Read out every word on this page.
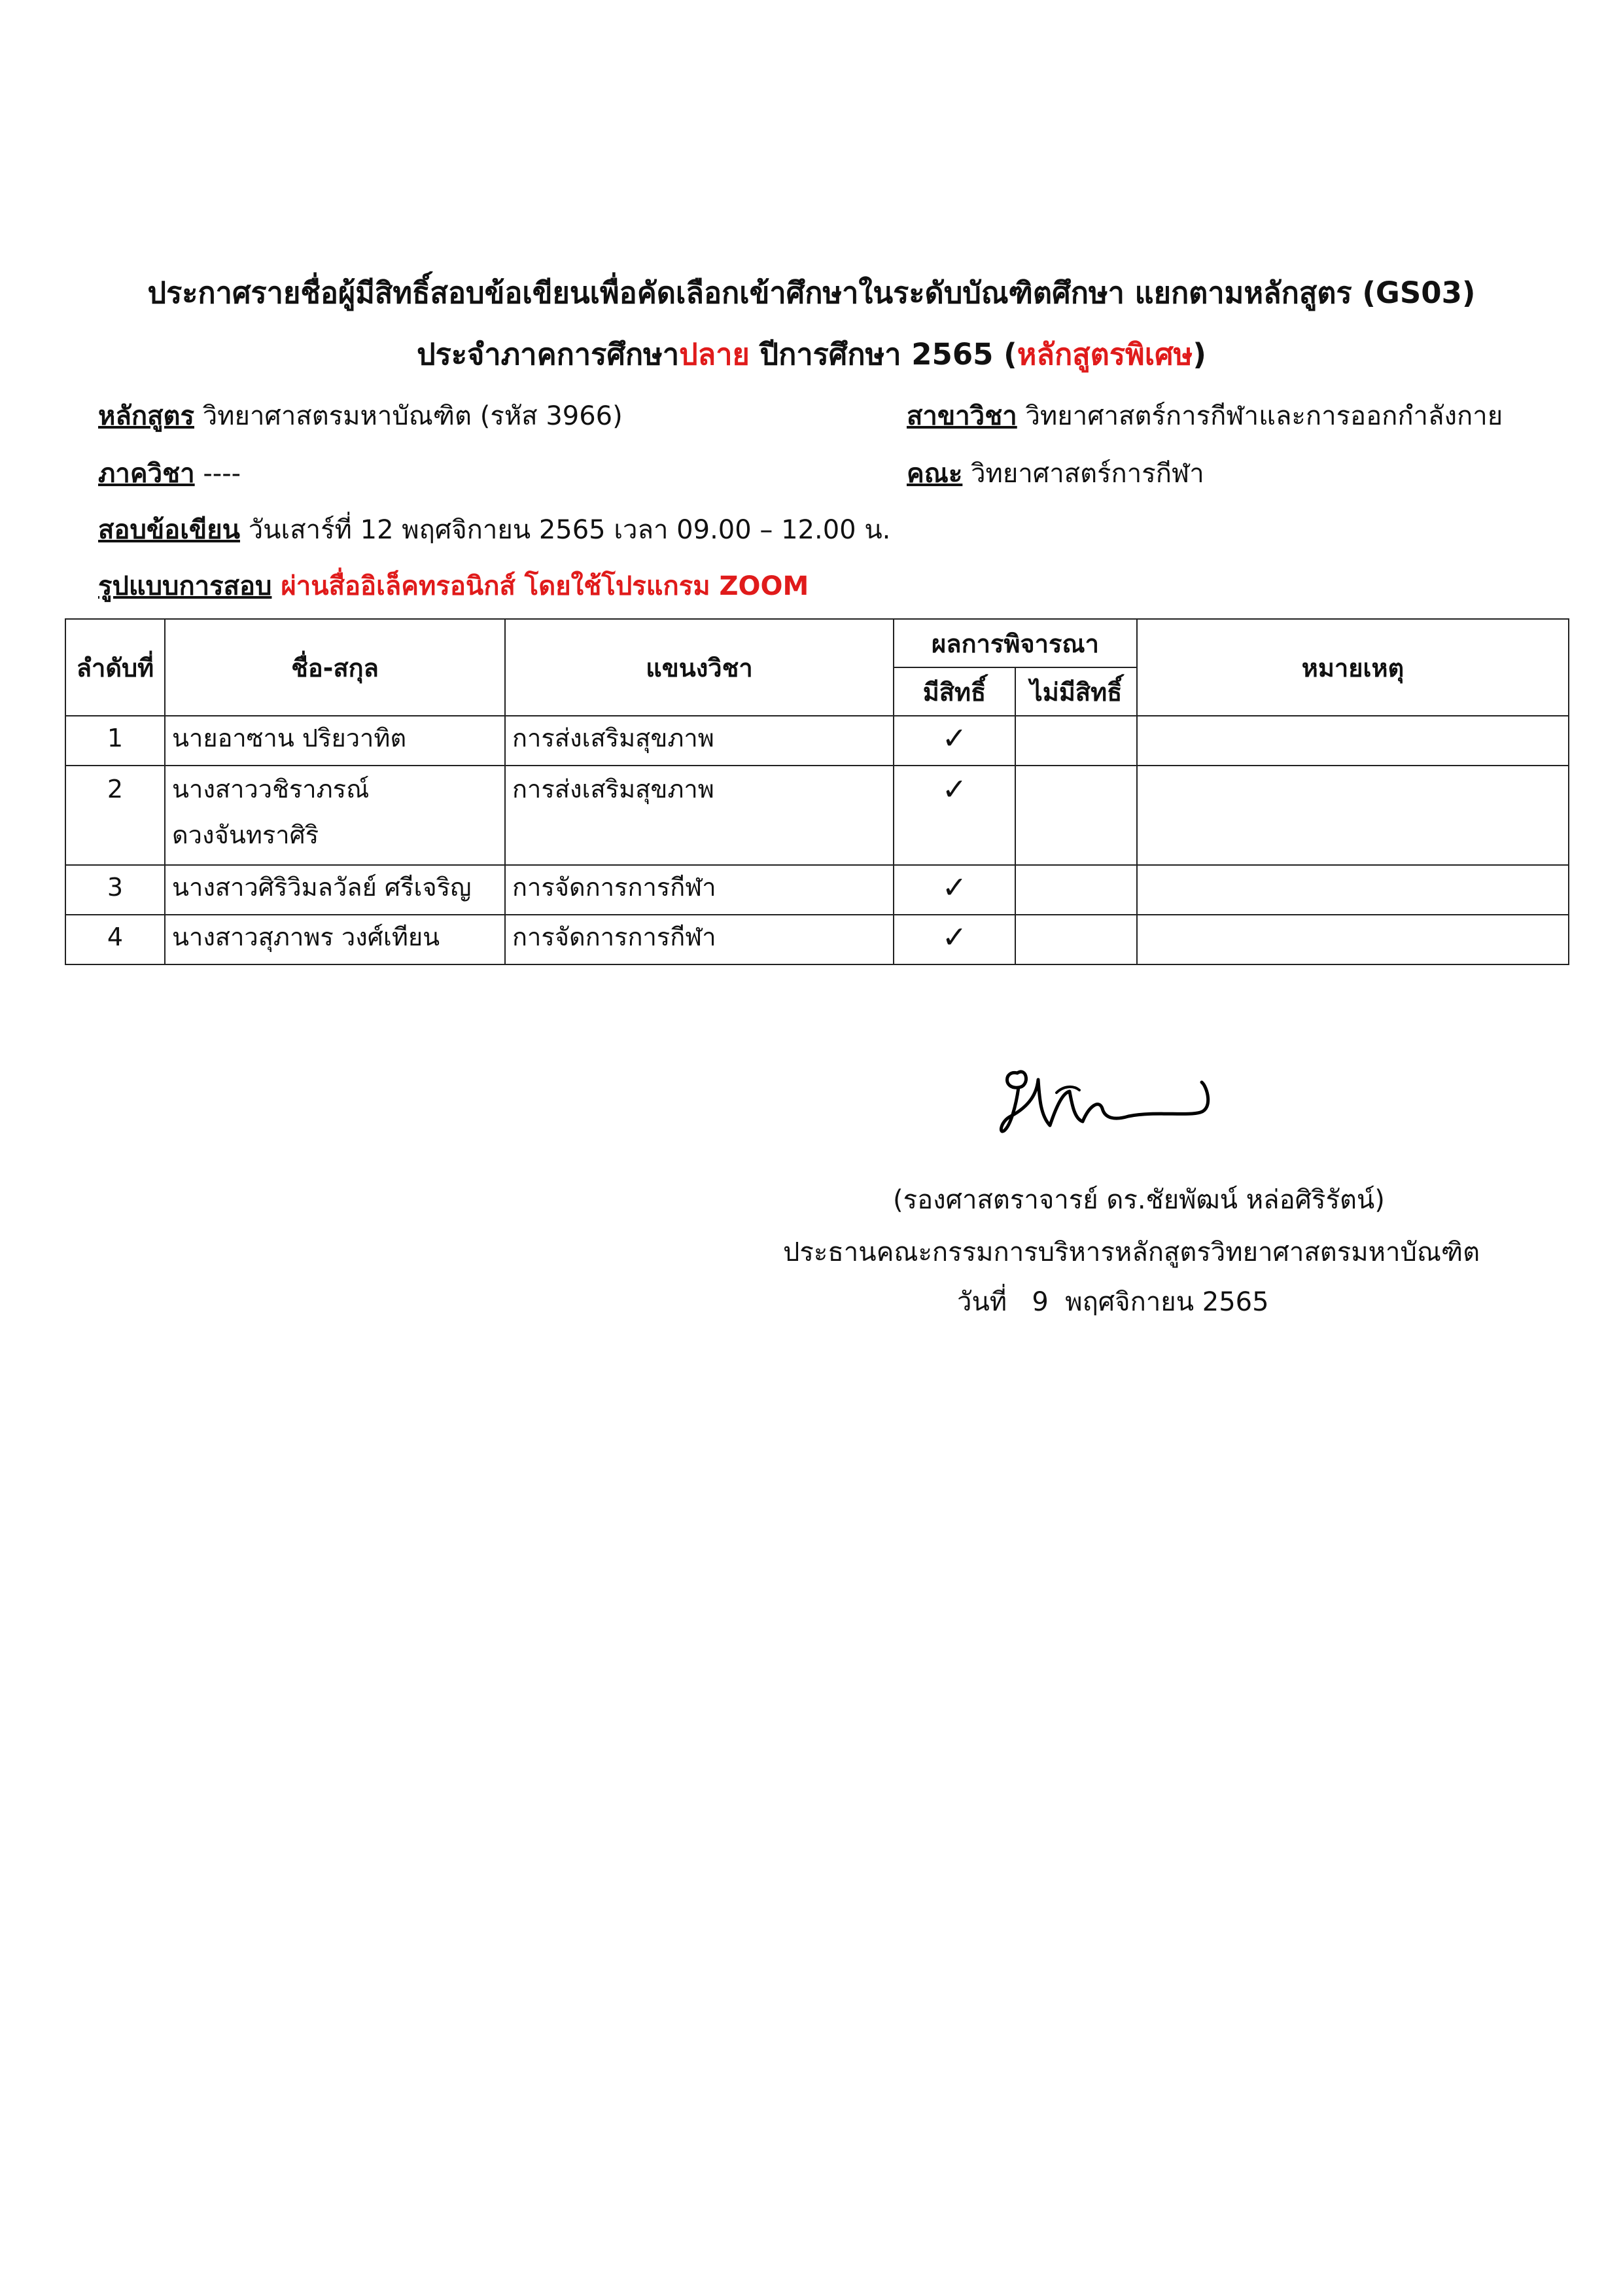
ประกาศรายชื่อผู้มีสิทธิ์สอบข้อเขียนเพื่อคัดเลือกเข้าศึกษาในระดับบัณฑิตศึกษา แยกตามหลักสูตร (GS03)
ประจำภาคการศึกษาปลาย ปีการศึกษา 2565 (หลักสูตรพิเศษ)
หลักสูตร วิทยาศาสตรมหาบัณฑิต (รหัส 3966)	สาขาวิชา วิทยาศาสตร์การกีฬาและการออกกำลังกาย
ภาควิชา ----	คณะ วิทยาศาสตร์การกีฬา
สอบข้อเขียน วันเสาร์ที่ 12 พฤศจิกายน 2565 เวลา 09.00 – 12.00 น.
รูปแบบการสอบ ผ่านสื่ออิเล็คทรอนิกส์ โดยใช้โปรแกรม ZOOM
ลำดับที่	ชื่อ-สกุล	แขนงวิชา	ผลการพิจารณา		หมายเหตุ
			มีสิทธิ์	ไม่มีสิทธิ์	
1	นายอาซาน ปริยวาทิต	การส่งเสริมสุขภาพ	✓		
2	นางสาววชิราภรณ์
ดวงจันทราศิริ	การส่งเสริมสุขภาพ	✓		
3	นางสาวศิริวิมลวัลย์ ศรีเจริญ	การจัดการการกีฬา	✓		
4	นางสาวสุภาพร วงศ์เทียน	การจัดการการกีฬา	✓		
(รองศาสตราจารย์ ดร.ชัยพัฒน์ หล่อศิริรัตน์)
ประธานคณะกรรมการบริหารหลักสูตรวิทยาศาสตรมหาบัณฑิต
วันที่   9  พฤศจิกายน 2565
